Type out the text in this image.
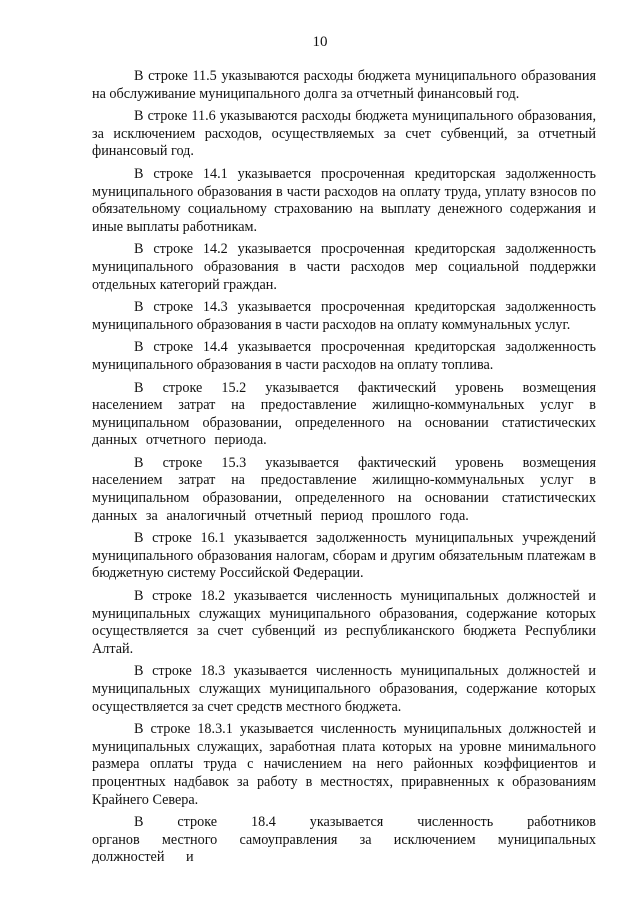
10

В строке 11.5 указываются расходы бюджета муниципального образования на обслуживание муниципального долга за отчетный финансовый год.

В строке 11.6 указываются расходы бюджета муниципального образования, за исключением расходов, осуществляемых за счет субвенций, за отчетный финансовый год.

В строке 14.1 указывается просроченная кредиторская задолженность муниципального образования в части расходов на оплату труда, уплату взносов по обязательному социальному страхованию на выплату денежного содержания и иные выплаты работникам.

В строке 14.2 указывается просроченная кредиторская задолженность муниципального образования в части расходов мер социальной поддержки отдельных категорий граждан.

В строке 14.3 указывается просроченная кредиторская задолженность муниципального образования в части расходов на оплату коммунальных услуг.

В строке 14.4 указывается просроченная кредиторская задолженность муниципального образования в части расходов на оплату топлива.

В строке 15.2 указывается фактический уровень возмещения населением затрат на предоставление жилищно-коммунальных услуг в муниципальном образовании, определенного на основании статистических данных отчетного периода.

В строке 15.3 указывается фактический уровень возмещения населением затрат на предоставление жилищно-коммунальных услуг в муниципальном образовании, определенного на основании статистических данных за аналогичный отчетный период прошлого года.

В строке 16.1 указывается задолженность муниципальных учреждений муниципального образования налогам, сборам и другим обязательным платежам в бюджетную систему Российской Федерации.

В строке 18.2 указывается численность муниципальных должностей и муниципальных служащих муниципального образования, содержание которых осуществляется за счет субвенций из республиканского бюджета Республики Алтай.

В строке 18.3 указывается численность муниципальных должностей и муниципальных служащих муниципального образования, содержание которых осуществляется за счет средств местного бюджета.

В строке 18.3.1 указывается численность муниципальных должностей и муниципальных служащих, заработная плата которых на уровне минимального размера оплаты труда с начислением на него районных коэффициентов и процентных надбавок за работу в местностях, приравненных к образованиям Крайнего Севера.

В строке 18.4 указывается численность работников органов местного самоуправления за исключением муниципальных должностей и
